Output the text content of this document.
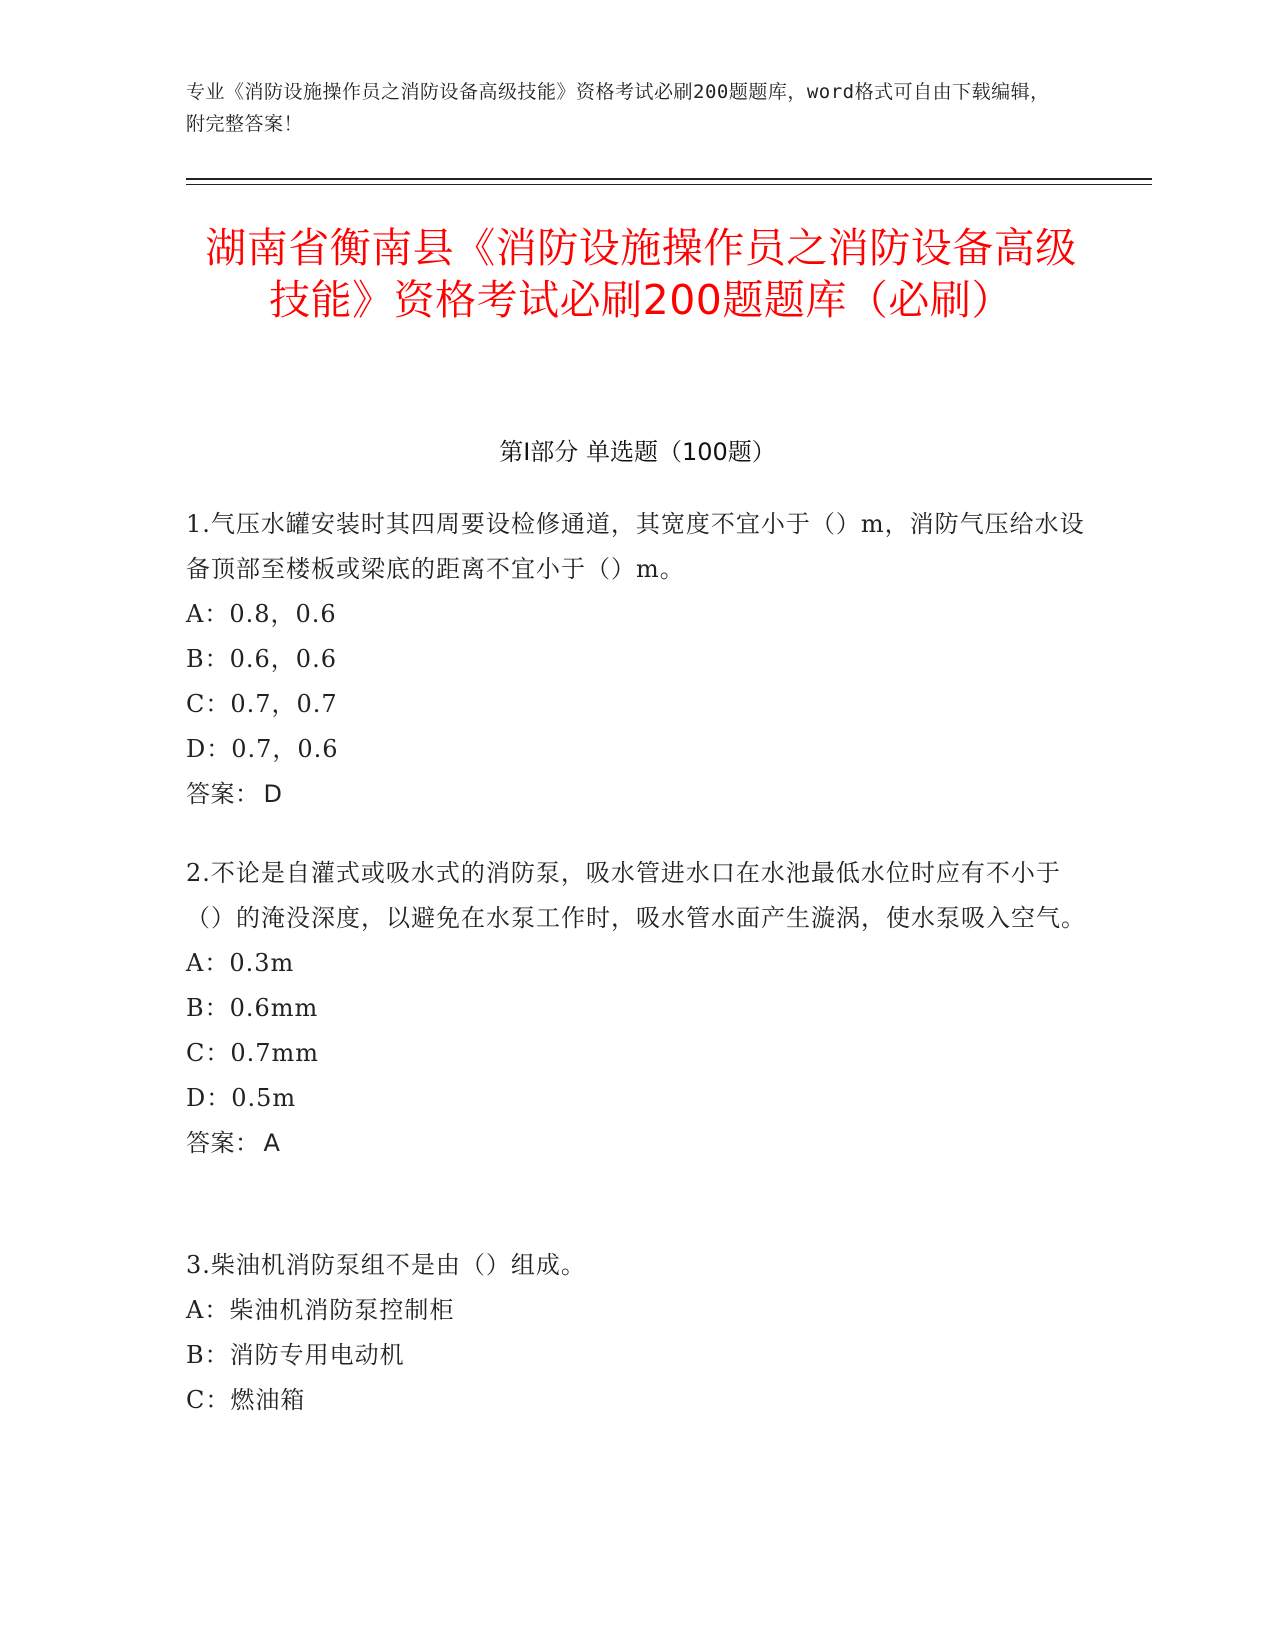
专业《消防设施操作员之消防设备高级技能》资格考试必刷200题题库，word格式可自由下载编辑，附完整答案！
湖南省衡南县《消防设施操作员之消防设备高级技能》资格考试必刷200题题库（必刷）
第I部分 单选题（100题）
1.气压水罐安装时其四周要设检修通道，其宽度不宜小于（）m，消防气压给水设备顶部至楼板或梁底的距离不宜小于（）m。
A：0.8，0.6
B：0.6，0.6
C：0.7，0.7
D：0.7，0.6
答案： D
2.不论是自灌式或吸水式的消防泵，吸水管进水口在水池最低水位时应有不小于（）的淹没深度，以避免在水泵工作时，吸水管水面产生漩涡，使水泵吸入空气。
A：0.3m
B：0.6mm
C：0.7mm
D：0.5m
答案： A
3.柴油机消防泵组不是由（）组成。
A：柴油机消防泵控制柜
B：消防专用电动机
C：燃油箱
